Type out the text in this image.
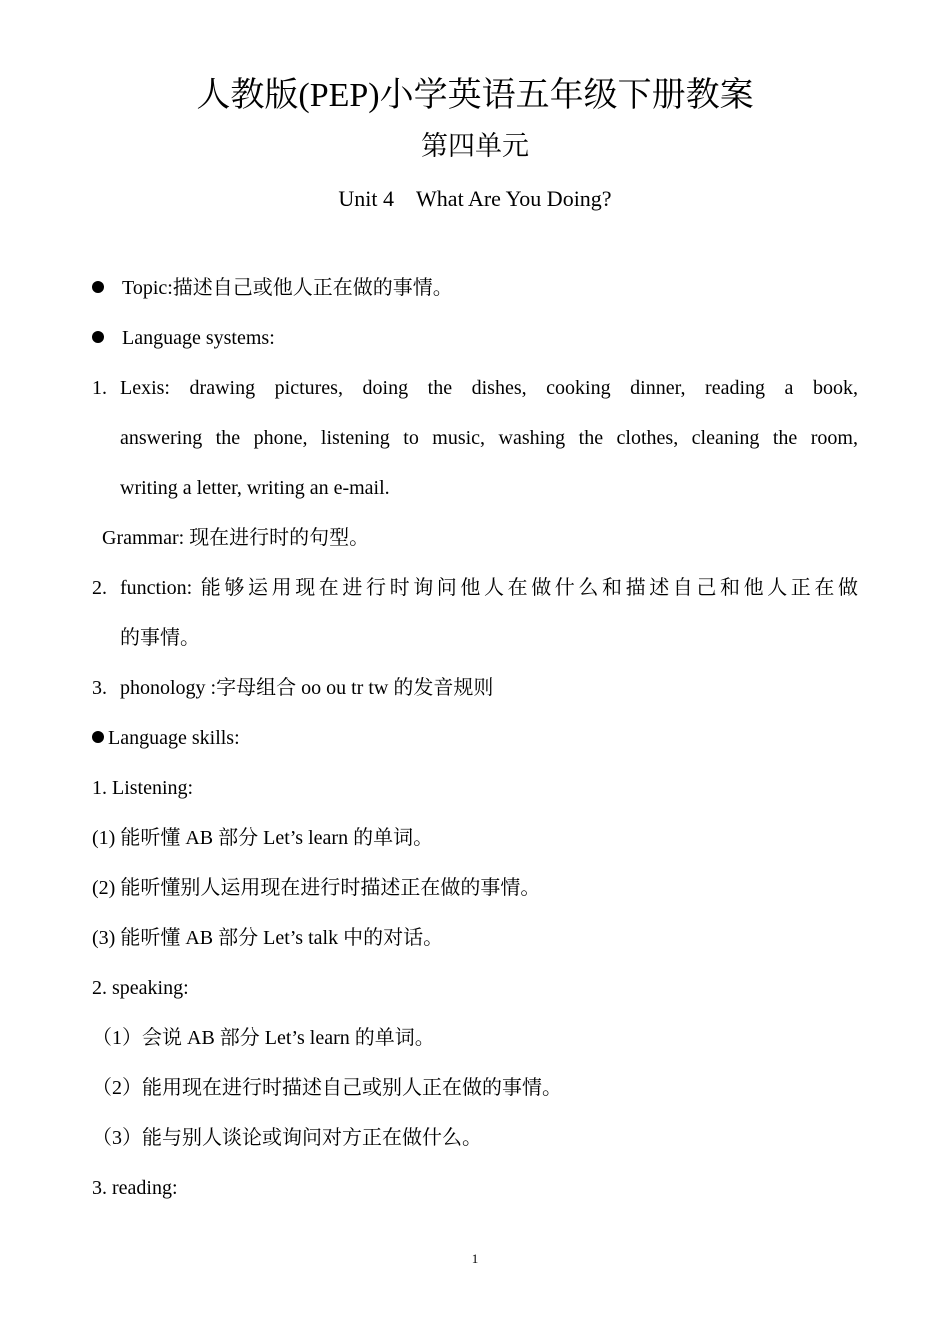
人教版(PEP)小学英语五年级下册教案
第四单元
Unit 4    What Are You Doing?
Topic:描述自己或他人正在做的事情。
Language systems:
1. Lexis: drawing pictures, doing the dishes, cooking dinner, reading a book,
answering the phone, listening to music, washing the clothes, cleaning the room,
writing a letter, writing an e-mail.
Grammar: 现在进行时的句型。
2. function: 能够运用现在进行时询问他人在做什么和描述自己和他人正在做
的事情。
3. phonology :字母组合 oo ou tr tw 的发音规则
Language skills:
1. Listening:
(1) 能听懂 AB 部分 Let’s learn 的单词。
(2) 能听懂别人运用现在进行时描述正在做的事情。
(3) 能听懂 AB 部分 Let’s talk 中的对话。
2. speaking:
（1）会说 AB 部分 Let’s learn 的单词。
（2）能用现在进行时描述自己或别人正在做的事情。
（3）能与别人谈论或询问对方正在做什么。
3. reading:
1
